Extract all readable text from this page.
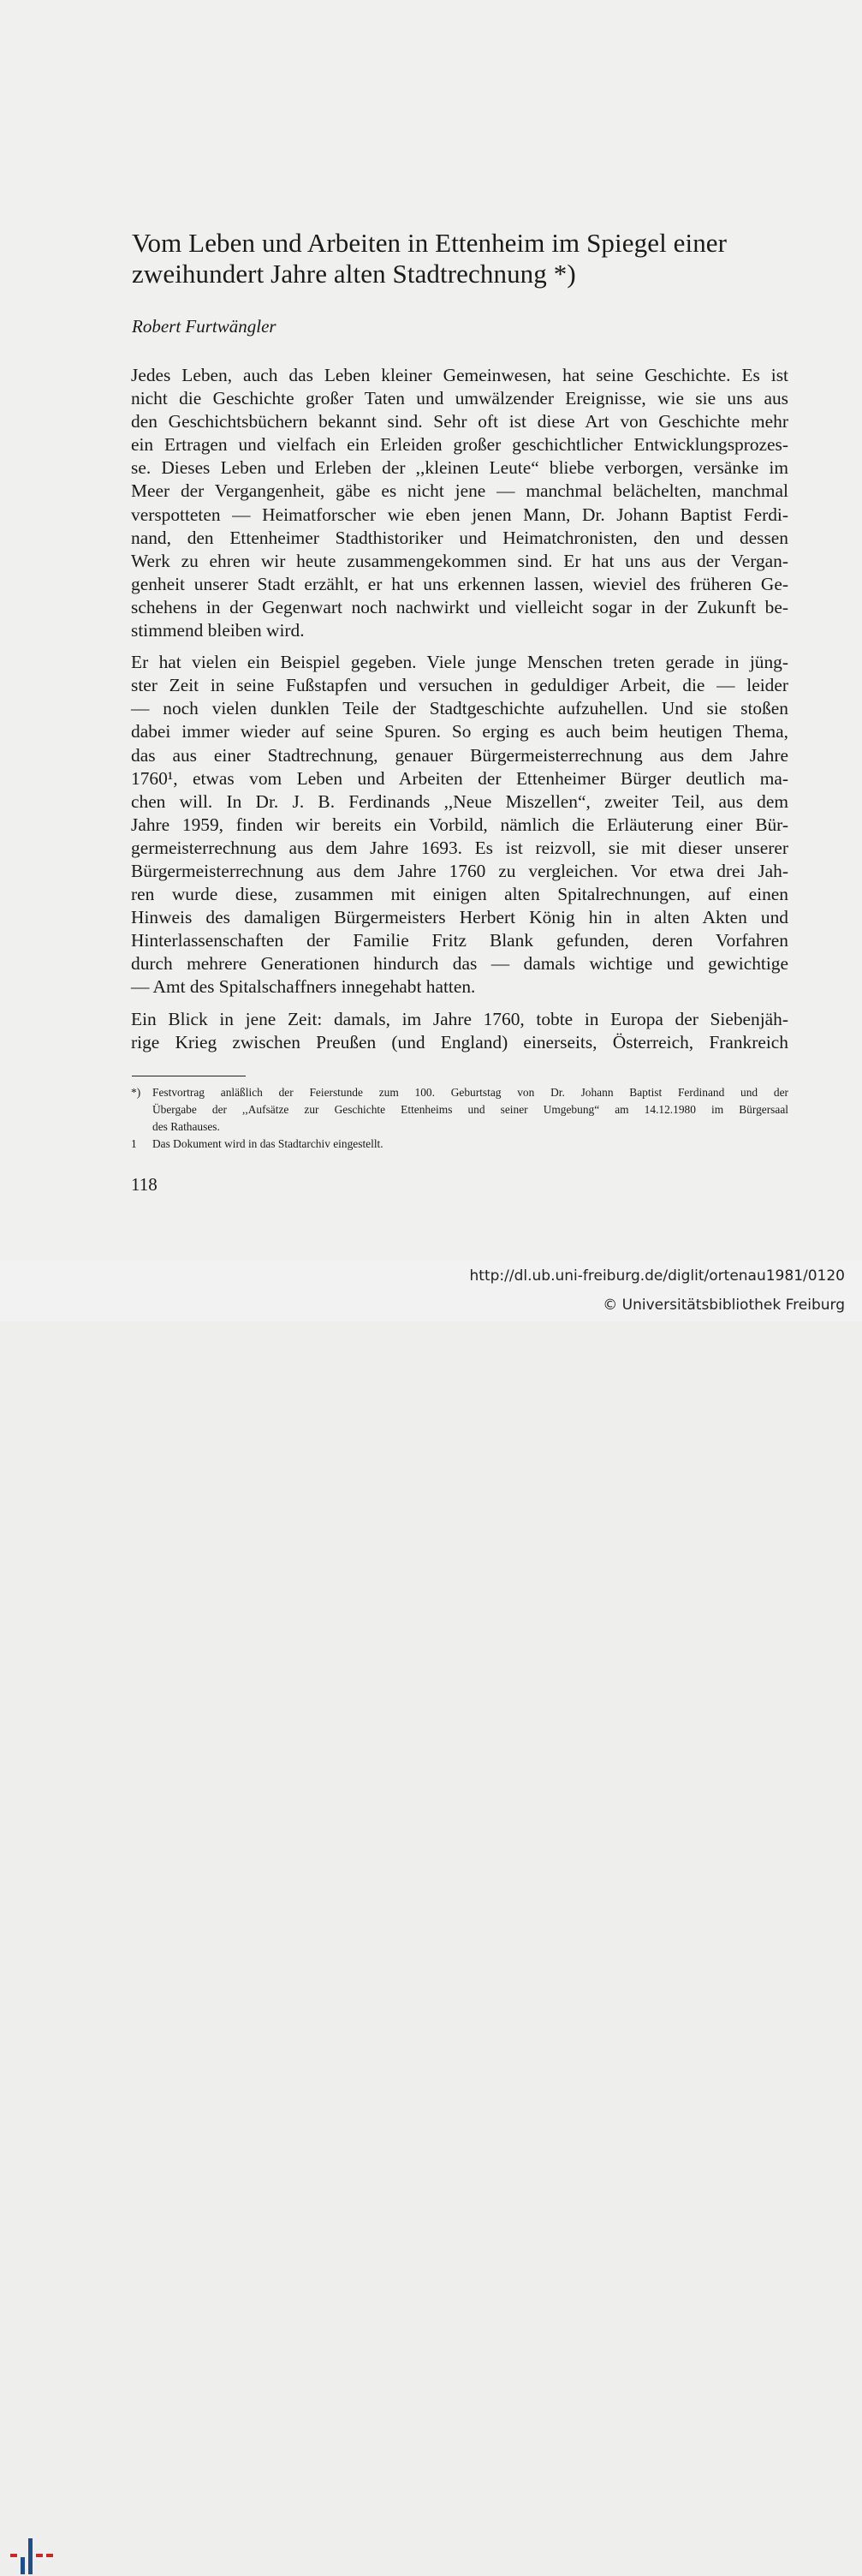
Vom Leben und Arbeiten in Ettenheim im Spiegel einer
zweihundert Jahre alten Stadtrechnung *)
Robert Furtwängler

Jedes Leben, auch das Leben kleiner Gemeinwesen, hat seine Geschichte. Es ist
nicht die Geschichte großer Taten und umwälzender Ereignisse, wie sie uns aus
den Geschichtsbüchern bekannt sind. Sehr oft ist diese Art von Geschichte mehr
ein Ertragen und vielfach ein Erleiden großer geschichtlicher Entwicklungsprozes-
se. Dieses Leben und Erleben der ,,kleinen Leute“ bliebe verborgen, versänke im
Meer der Vergangenheit, gäbe es nicht jene — manchmal belächelten, manchmal
verspotteten — Heimatforscher wie eben jenen Mann, Dr. Johann Baptist Ferdi-
nand, den Ettenheimer Stadthistoriker und Heimatchronisten, den und dessen
Werk zu ehren wir heute zusammengekommen sind. Er hat uns aus der Vergan-
genheit unserer Stadt erzählt, er hat uns erkennen lassen, wieviel des früheren Ge-
schehens in der Gegenwart noch nachwirkt und vielleicht sogar in der Zukunft be-
stimmend bleiben wird.

Er hat vielen ein Beispiel gegeben. Viele junge Menschen treten gerade in jüng-
ster Zeit in seine Fußstapfen und versuchen in geduldiger Arbeit, die — leider
— noch vielen dunklen Teile der Stadtgeschichte aufzuhellen. Und sie stoßen
dabei immer wieder auf seine Spuren. So erging es auch beim heutigen Thema,
das aus einer Stadtrechnung, genauer Bürgermeisterrechnung aus dem Jahre
1760¹, etwas vom Leben und Arbeiten der Ettenheimer Bürger deutlich ma-
chen will. In Dr. J. B. Ferdinands ,,Neue Miszellen“, zweiter Teil, aus dem
Jahre 1959, finden wir bereits ein Vorbild, nämlich die Erläuterung einer Bür-
germeisterrechnung aus dem Jahre 1693. Es ist reizvoll, sie mit dieser unserer
Bürgermeisterrechnung aus dem Jahre 1760 zu vergleichen. Vor etwa drei Jah-
ren wurde diese, zusammen mit einigen alten Spitalrechnungen, auf einen
Hinweis des damaligen Bürgermeisters Herbert König hin in alten Akten und
Hinterlassenschaften der Familie Fritz Blank gefunden, deren Vorfahren
durch mehrere Generationen hindurch das — damals wichtige und gewichtige
— Amt des Spitalschaffners innegehabt hatten.

Ein Blick in jene Zeit: damals, im Jahre 1760, tobte in Europa der Siebenjäh-
rige Krieg zwischen Preußen (und England) einerseits, Österreich, Frankreich

*) Festvortrag anläßlich der Feierstunde zum 100. Geburtstag von Dr. Johann Baptist Ferdinand und der
Übergabe der ,,Aufsätze zur Geschichte Ettenheims und seiner Umgebung“ am 14.12.1980 im Bürgersaal
des Rathauses.
1 Das Dokument wird in das Stadtarchiv eingestellt.
118
http://dl.ub.uni-freiburg.de/diglit/ortenau1981/0120
© Universitätsbibliothek Freiburg
